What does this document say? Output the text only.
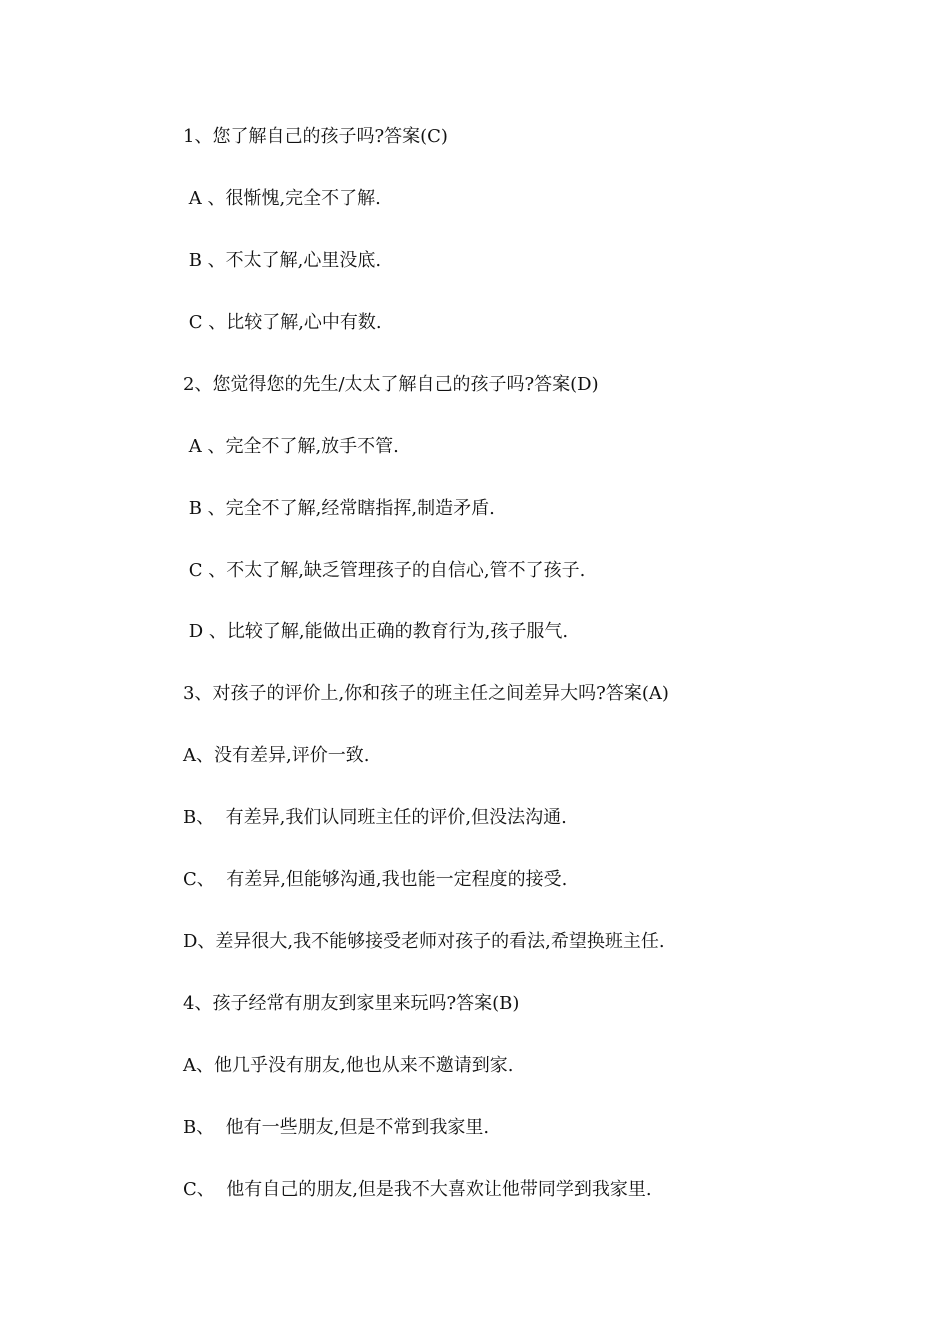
1、您了解自己的孩子吗?答案(C)
A 、很惭愧,完全不了解.
B 、不太了解,心里没底.
C 、比较了解,心中有数.
2、您觉得您的先生/太太了解自己的孩子吗?答案(D)
A 、完全不了解,放手不管.
B 、完全不了解,经常瞎指挥,制造矛盾.
C 、不太了解,缺乏管理孩子的自信心,管不了孩子.
D 、比较了解,能做出正确的教育行为,孩子服气.
3、对孩子的评价上,你和孩子的班主任之间差异大吗?答案(A)
A、没有差异,评价一致.
B、  有差异,我们认同班主任的评价,但没法沟通.
C、  有差异,但能够沟通,我也能一定程度的接受.
D、差异很大,我不能够接受老师对孩子的看法,希望换班主任.
4、孩子经常有朋友到家里来玩吗?答案(B)
A、他几乎没有朋友,他也从来不邀请到家.
B、  他有一些朋友,但是不常到我家里.
C、  他有自己的朋友,但是我不大喜欢让他带同学到我家里.
